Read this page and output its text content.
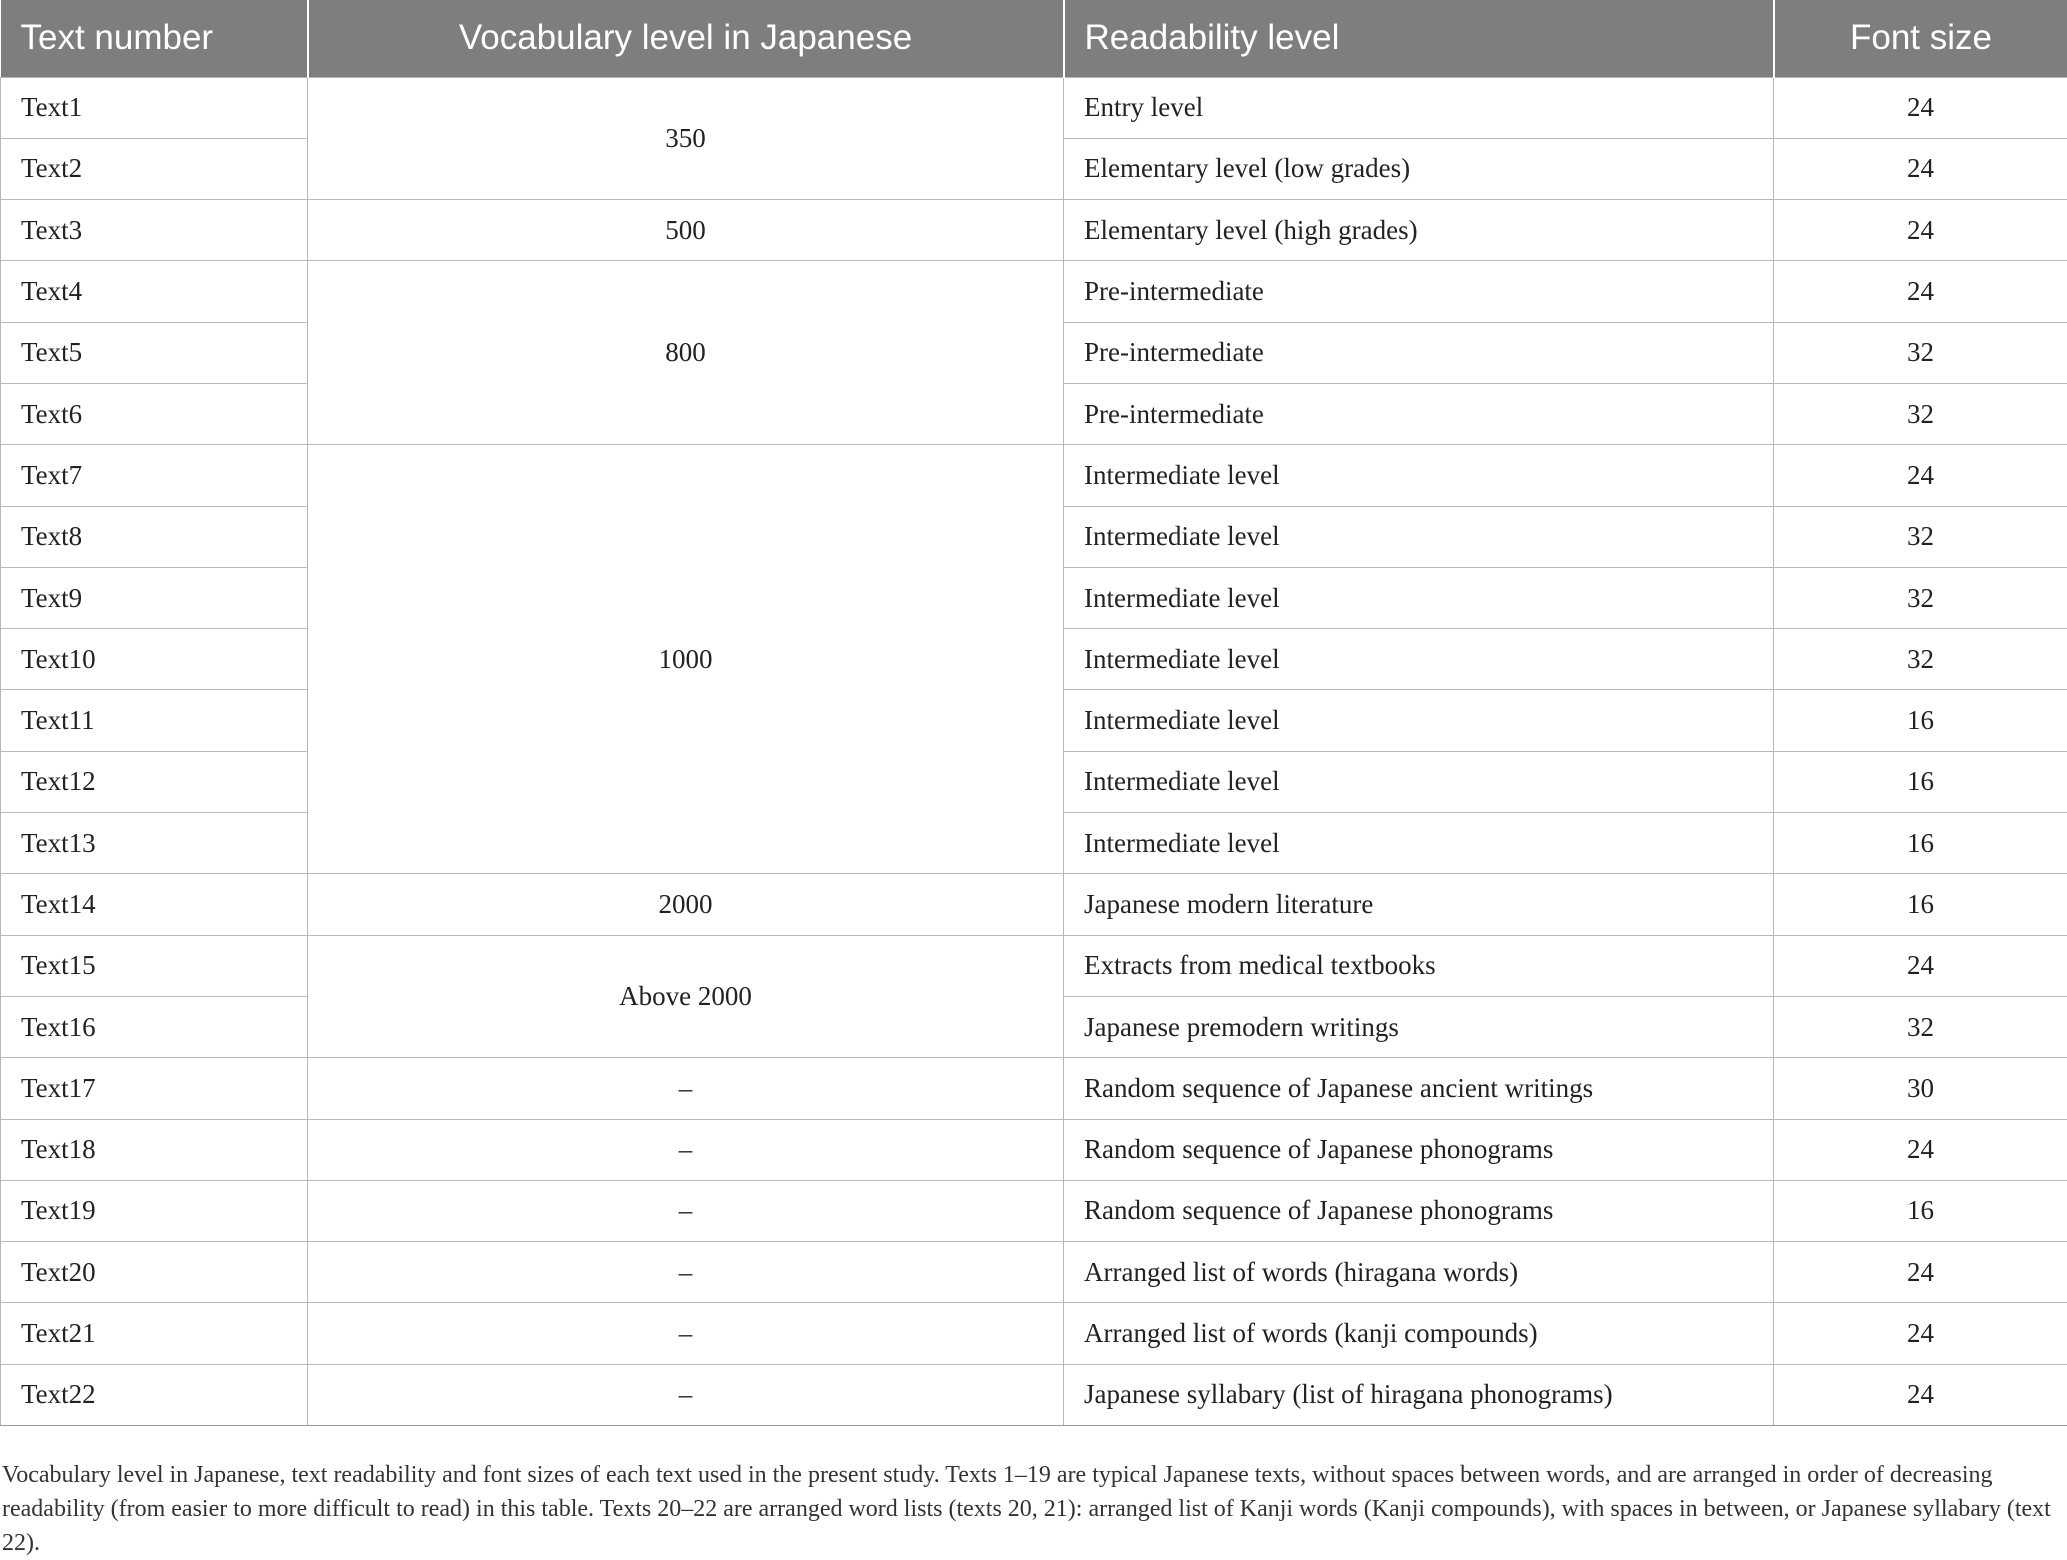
Text number	Vocabulary level in Japanese	Readability level	Font size
Text1	350	Entry level	24
Text2		Elementary level (low grades)	24
Text3	500	Elementary level (high grades)	24
Text4	800	Pre-intermediate	24
Text5		Pre-intermediate	32
Text6		Pre-intermediate	32
Text7	1000	Intermediate level	24
Text8		Intermediate level	32
Text9		Intermediate level	32
Text10		Intermediate level	32
Text11		Intermediate level	16
Text12		Intermediate level	16
Text13		Intermediate level	16
Text14	2000	Japanese modern literature	16
Text15	Above 2000	Extracts from medical textbooks	24
Text16		Japanese premodern writings	32
Text17	–	Random sequence of Japanese ancient writings	30
Text18	–	Random sequence of Japanese phonograms	24
Text19	–	Random sequence of Japanese phonograms	16
Text20	–	Arranged list of words (hiragana words)	24
Text21	–	Arranged list of words (kanji compounds)	24
Text22	–	Japanese syllabary (list of hiragana phonograms)	24

Vocabulary level in Japanese, text readability and font sizes of each text used in the present study. Texts 1–19 are typical Japanese texts, without spaces between words, and are arranged in order of decreasing readability (from easier to more difficult to read) in this table. Texts 20–22 are arranged word lists (texts 20, 21): arranged list of Kanji words (Kanji compounds), with spaces in between, or Japanese syllabary (text 22).
